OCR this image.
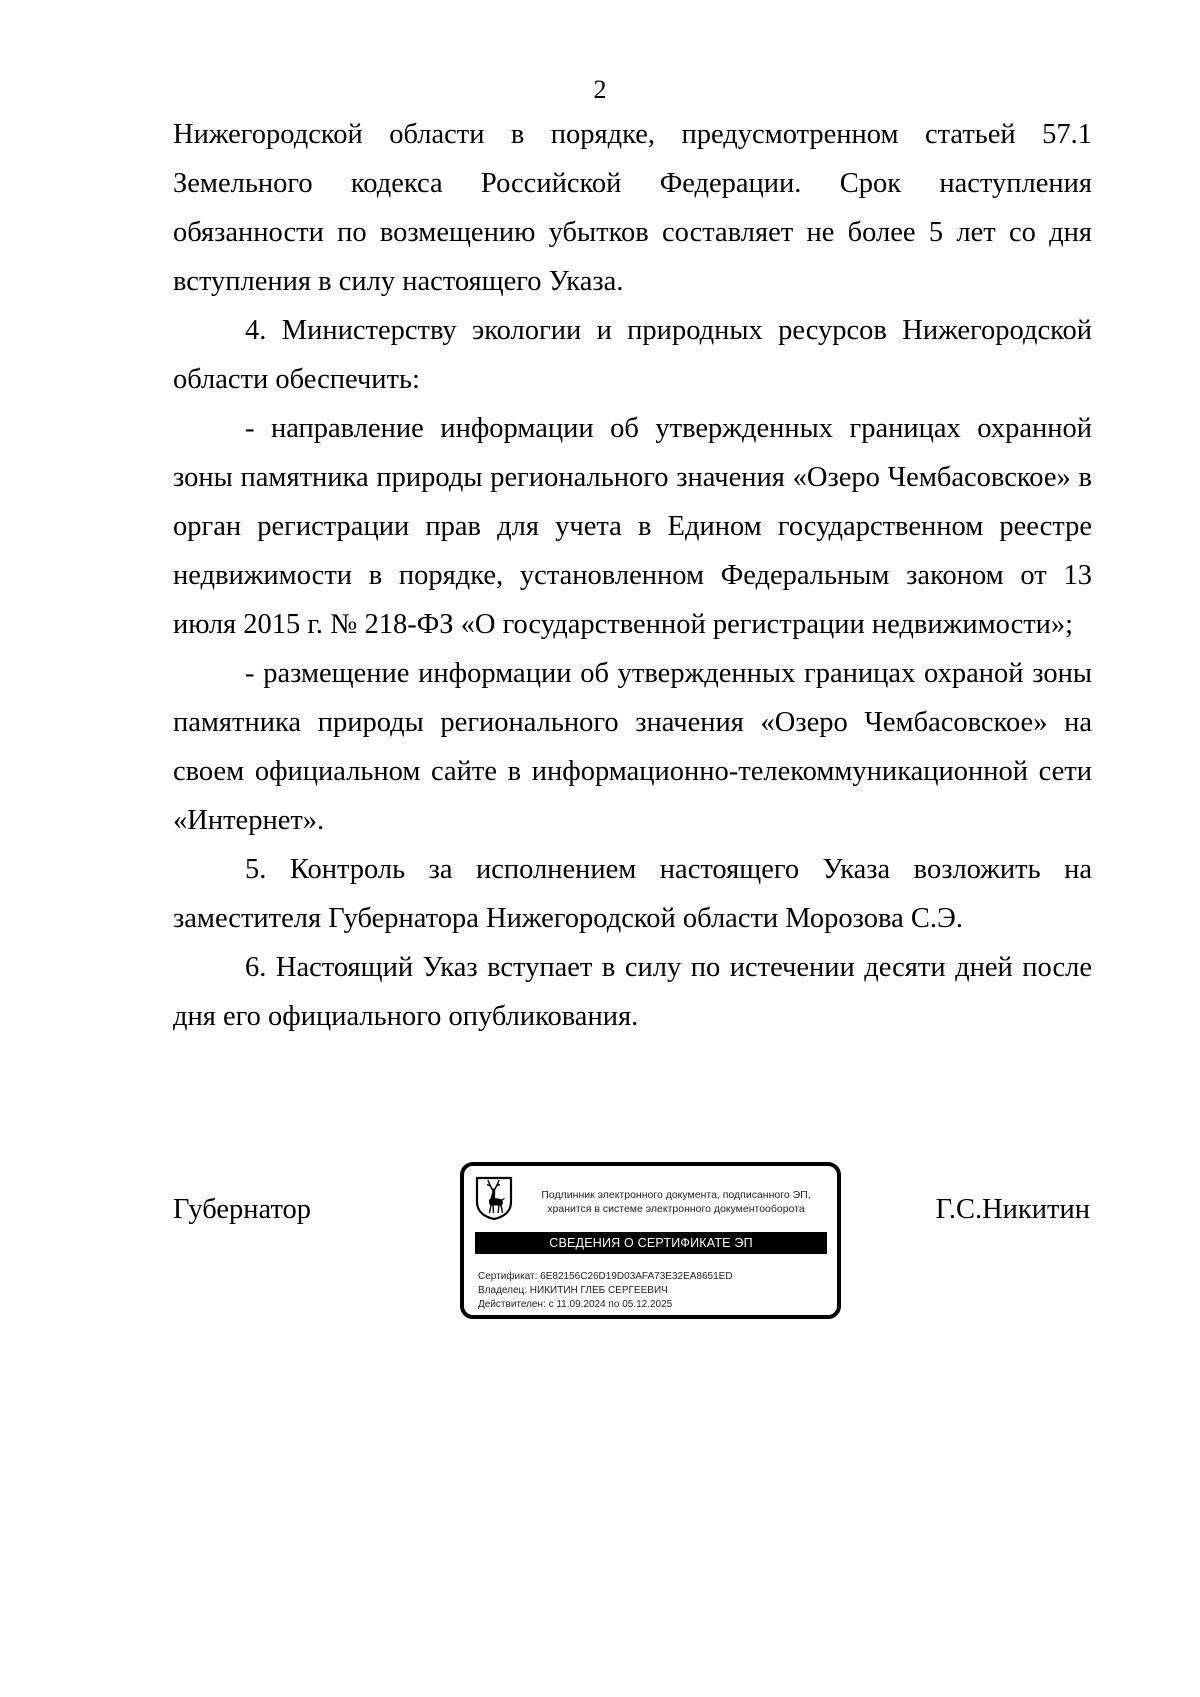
2

Нижегородской области в порядке, предусмотренном статьей 57.1 Земельного кодекса Российской Федерации. Срок наступления обязанности по возмещению убытков составляет не более 5 лет со дня вступления в силу настоящего Указа.

4. Министерству экологии и природных ресурсов Нижегородской области обеспечить:

- направление информации об утвержденных границах охранной зоны памятника природы регионального значения «Озеро Чембасовское» в орган регистрации прав для учета в Едином государственном реестре недвижимости в порядке, установленном Федеральным законом от 13 июля 2015 г. № 218-ФЗ «О государственной регистрации недвижимости»;

- размещение информации об утвержденных границах охраной зоны памятника природы регионального значения «Озеро Чембасовское» на своем официальном сайте в информационно-телекоммуникационной сети «Интернет».

5. Контроль за исполнением настоящего Указа возложить на заместителя Губернатора Нижегородской области Морозова С.Э.

6. Настоящий Указ вступает в силу по истечении десяти дней после дня его официального опубликования.

Губернатор	Подлинник электронного документа, подписанного ЭП,
хранится в системе электронного документооборота
СВЕДЕНИЯ О СЕРТИФИКАТЕ ЭП
Сертификат: 6E82156C26D19D03AFA73E32EA8651ED
Владелец: НИКИТИН ГЛЕБ СЕРГЕЕВИЧ
Действителен: с 11.09.2024 по 05.12.2025
Г.С.Никитин
